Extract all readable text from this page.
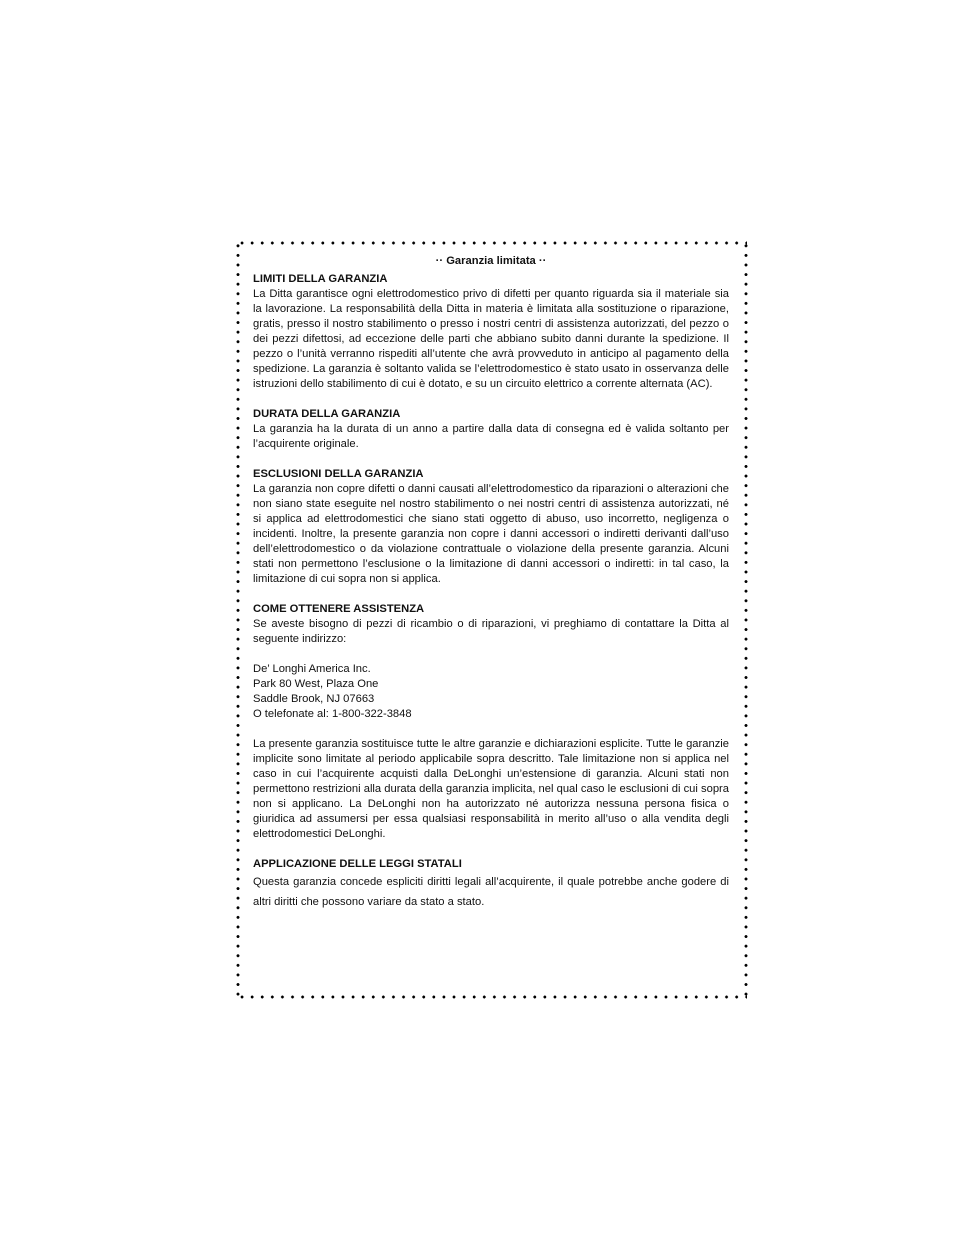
·· Garanzia limitata ··

LIMITI DELLA GARANZIA

La Ditta garantisce ogni elettrodomestico privo di difetti per quanto riguarda sia il materiale sia la lavorazione. La responsabilità della Ditta in materia è limitata alla sostituzione o riparazione, gratis, presso il nostro stabilimento o presso i nostri centri di assistenza autorizzati, del pezzo o dei pezzi difettosi, ad eccezione delle parti che abbiano subito danni durante la spedizione. Il pezzo o l’unità verranno rispediti all’utente che avrà provveduto in anticipo al pagamento della spedizione. La garanzia è soltanto valida se l’elettrodomestico è stato usato in osservanza delle istruzioni dello stabilimento di cui è dotato, e su un circuito elettrico a corrente alternata (AC).

DURATA DELLA GARANZIA

La garanzia ha la durata di un anno a partire dalla data di consegna ed è valida soltanto per l’acquirente originale.

ESCLUSIONI DELLA GARANZIA

La garanzia non copre difetti o danni causati all’elettrodomestico da riparazioni o alterazioni che non siano state eseguite nel nostro stabilimento o nei nostri centri di assistenza autorizzati, né si applica ad elettrodomestici che siano stati oggetto di abuso, uso incorretto, negligenza o incidenti. Inoltre, la presente garanzia non copre i danni accessori o indiretti derivanti dall’uso dell’elettrodomestico o da violazione contrattuale o violazione della presente garanzia. Alcuni stati non permettono l’esclusione o la limitazione di danni accessori o indiretti: in tal caso, la limitazione di cui sopra non si applica.

COME OTTENERE ASSISTENZA

Se aveste bisogno di pezzi di ricambio o di riparazioni, vi preghiamo di contattare la Ditta al seguente indirizzo:

De’ Longhi America Inc.

Park 80 West, Plaza One

Saddle Brook, NJ 07663

O telefonate al: 1-800-322-3848

La presente garanzia sostituisce tutte le altre garanzie e dichiarazioni esplicite. Tutte le garanzie implicite sono limitate al periodo applicabile sopra descritto. Tale limitazione non si applica nel caso in cui l’acquirente acquisti dalla DeLonghi un’estensione di garanzia. Alcuni stati non permettono restrizioni alla durata della garanzia implicita, nel qual caso le esclusioni di cui sopra non si applicano. La DeLonghi non ha autorizzato né autorizza nessuna persona fisica o giuridica ad assumersi per essa qualsiasi responsabilità in merito all’uso o alla vendita degli elettrodomestici DeLonghi.

APPLICAZIONE DELLE LEGGI STATALI

Questa garanzia concede espliciti diritti legali all’acquirente, il quale potrebbe anche godere di altri diritti che possono variare da stato a stato.
